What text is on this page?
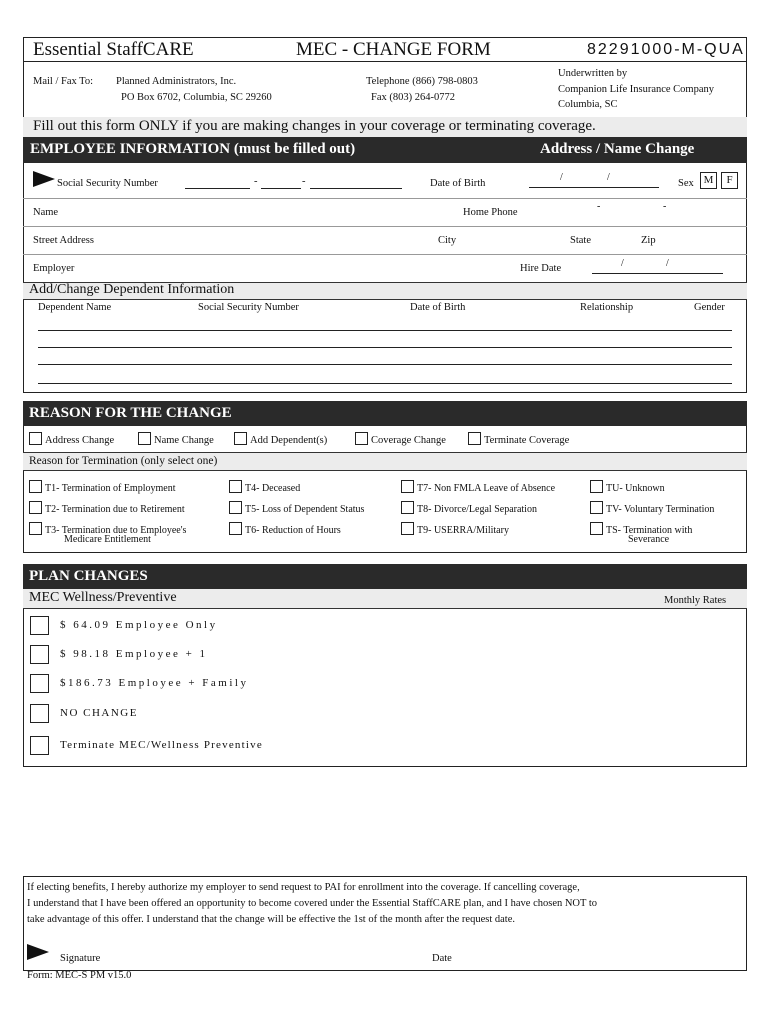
Essential StaffCARE	MEC - CHANGE FORM	82291000-M-QUA
Mail / Fax To: Planned Administrators, Inc.
PO Box 6702, Columbia, SC 29260
Telephone (866) 798-0803
Fax (803) 264-0772
Underwritten by
Companion Life Insurance Company
Columbia, SC
Fill out this form ONLY if you are making changes in your coverage or terminating coverage.
EMPLOYEE INFORMATION (must be filled out)	Address / Name Change
Social Security Number	-	-	Date of Birth
/	/
Sex M	F
Name	Home Phone
-	-
Street Address	City	State	Zip
Employer	Hire Date	/	/
Add/Change Dependent Information
Dependent Name	Social Security Number	Date of Birth	Relationship	Gender
REASON FOR THE CHANGE
Address Change	Name Change	Add Dependent(s)	Coverage Change	Terminate Coverage
Reason for Termination (only select one)
T1- Termination of Employment
T2- Termination due to Retirement
T3- Termination due to Employee's
Medicare Entitlement
T4- Deceased
T5- Loss of Dependent Status
T6- Reduction of Hours
T7- Non FMLA Leave of Absence
T8- Divorce/Legal Separation
T9- USERRA/Military
TU- Unknown
TV- Voluntary Termination
TS- Termination with
Severance
PLAN CHANGES
MEC Wellness/Preventive	Monthly Rates
$ 64.09 Employee Only
$ 98.18 Employee + 1
$186.73 Employee + Family
NO CHANGE
Terminate MEC/Wellness Preventive
If electing benefits, I hereby authorize my employer to send request to PAI for enrollment into the coverage. If cancelling coverage,
I understand that I have been offered an opportunity to become covered under the Essential StaffCARE plan, and I have chosen NOT to
take advantage of this offer. I understand that the change will be effective the 1st of the month after the request date.
Signature	Date
Form: MEC-S PM v15.0
